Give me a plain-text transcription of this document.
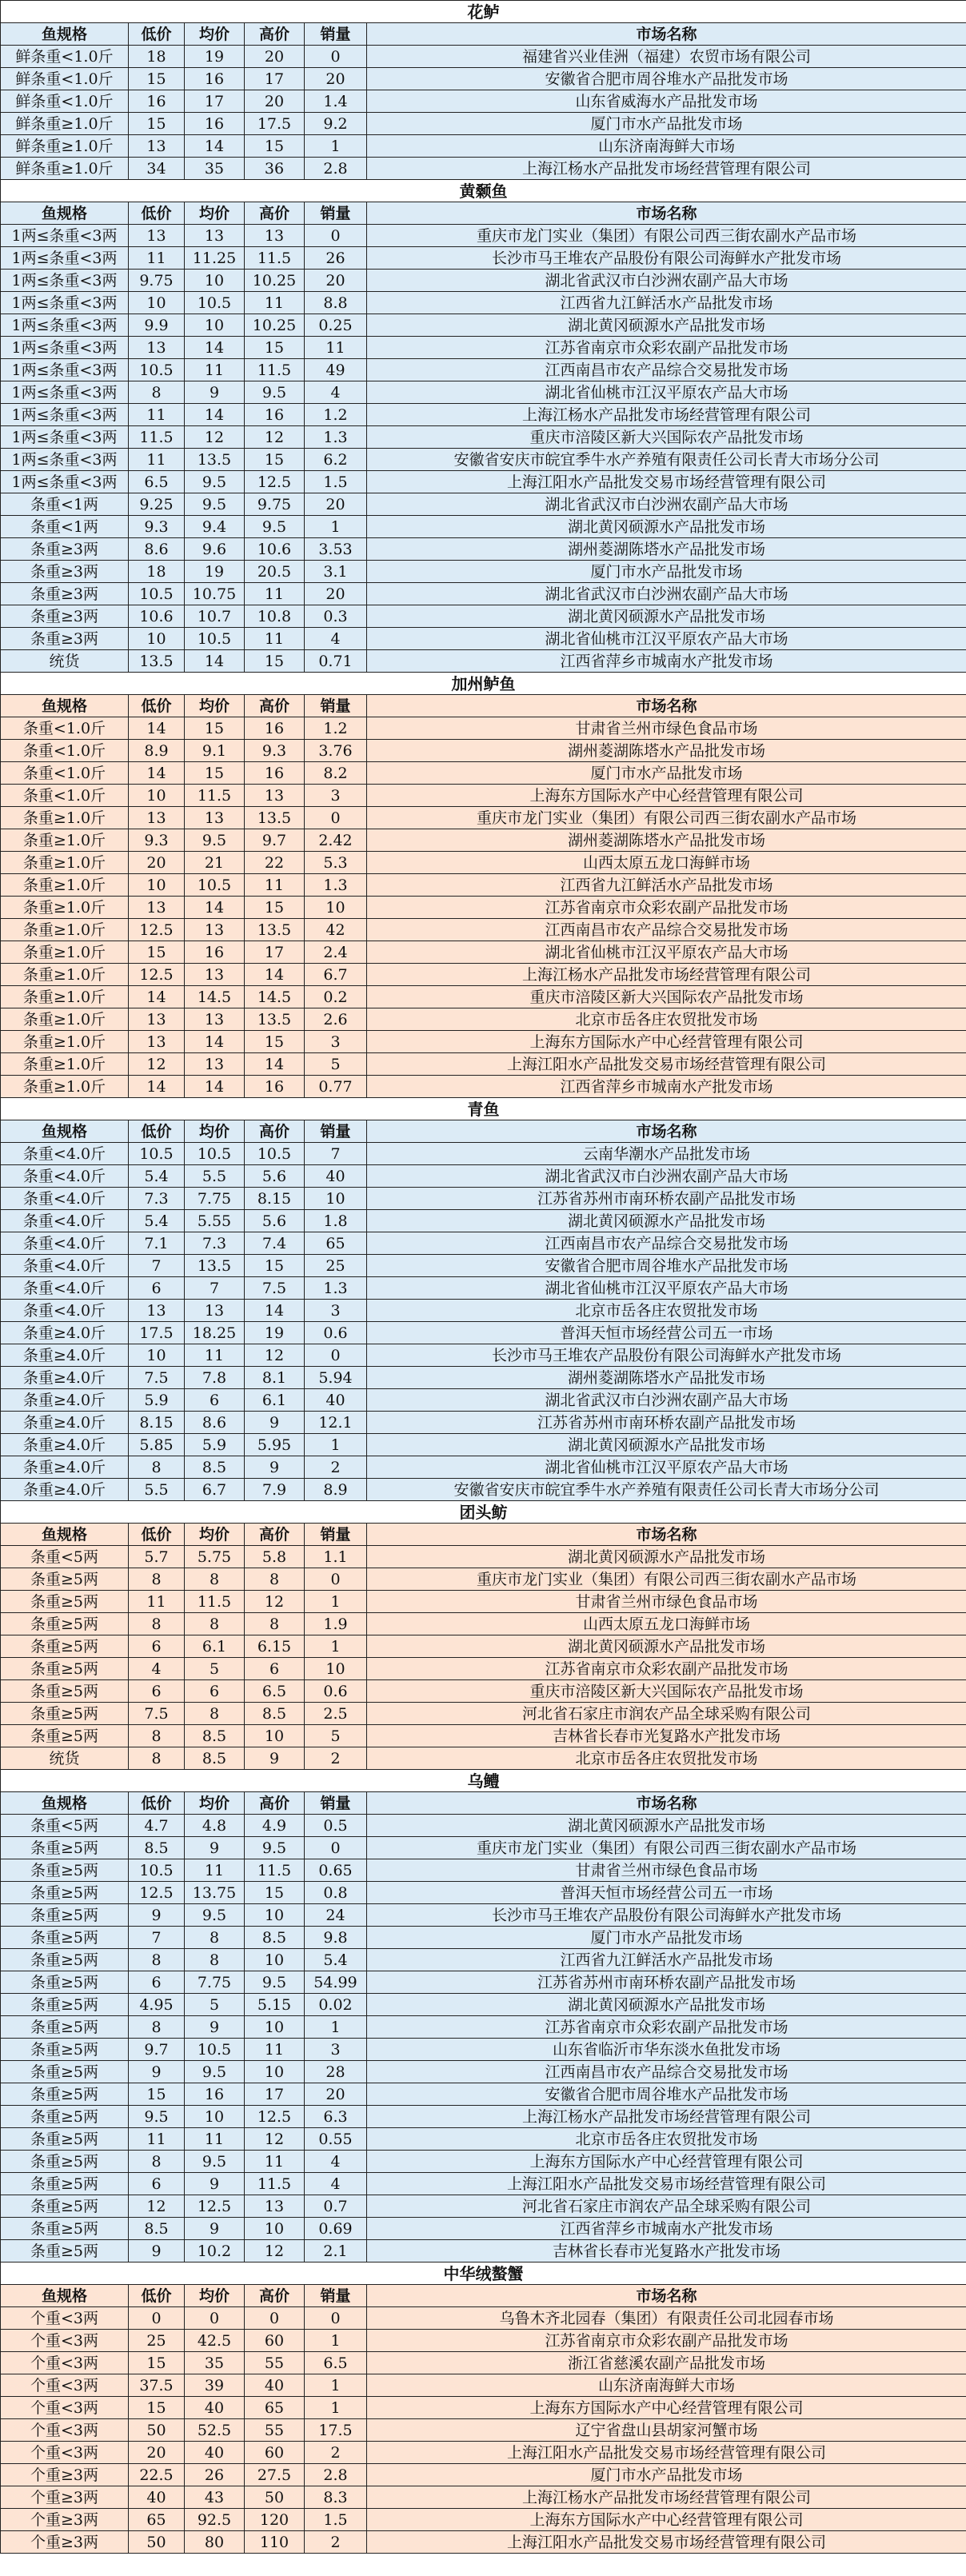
花鲈					
鱼规格	低价	均价	高价	销量	市场名称
鲜条重<1.0斤	18	19	20	0	福建省兴业佳洲（福建）农贸市场有限公司
鲜条重<1.0斤	15	16	17	20	安徽省合肥市周谷堆水产品批发市场
鲜条重<1.0斤	16	17	20	1.4	山东省威海水产品批发市场
鲜条重≥1.0斤	15	16	17.5	9.2	厦门市水产品批发市场
鲜条重≥1.0斤	13	14	15	1	山东济南海鲜大市场
鲜条重≥1.0斤	34	35	36	2.8	上海江杨水产品批发市场经营管理有限公司
黄颡鱼					
鱼规格	低价	均价	高价	销量	市场名称
1两≤条重<3两	13	13	13	0	重庆市龙门实业（集团）有限公司西三街农副水产品市场
1两≤条重<3两	11	11.25	11.5	26	长沙市马王堆农产品股份有限公司海鲜水产批发市场
1两≤条重<3两	9.75	10	10.25	20	湖北省武汉市白沙洲农副产品大市场
1两≤条重<3两	10	10.5	11	8.8	江西省九江鲜活水产品批发市场
1两≤条重<3两	9.9	10	10.25	0.25	湖北黄冈硕源水产品批发市场
1两≤条重<3两	13	14	15	11	江苏省南京市众彩农副产品批发市场
1两≤条重<3两	10.5	11	11.5	49	江西南昌市农产品综合交易批发市场
1两≤条重<3两	8	9	9.5	4	湖北省仙桃市江汉平原农产品大市场
1两≤条重<3两	11	14	16	1.2	上海江杨水产品批发市场经营管理有限公司
1两≤条重<3两	11.5	12	12	1.3	重庆市涪陵区新大兴国际农产品批发市场
1两≤条重<3两	11	13.5	15	6.2	安徽省安庆市皖宜季牛水产养殖有限责任公司长青大市场分公司
1两≤条重<3两	6.5	9.5	12.5	1.5	上海江阳水产品批发交易市场经营管理有限公司
条重<1两	9.25	9.5	9.75	20	湖北省武汉市白沙洲农副产品大市场
条重<1两	9.3	9.4	9.5	1	湖北黄冈硕源水产品批发市场
条重≥3两	8.6	9.6	10.6	3.53	湖州菱湖陈塔水产品批发市场
条重≥3两	18	19	20.5	3.1	厦门市水产品批发市场
条重≥3两	10.5	10.75	11	20	湖北省武汉市白沙洲农副产品大市场
条重≥3两	10.6	10.7	10.8	0.3	湖北黄冈硕源水产品批发市场
条重≥3两	10	10.5	11	4	湖北省仙桃市江汉平原农产品大市场
统货	13.5	14	15	0.71	江西省萍乡市城南水产批发市场
加州鲈鱼					
鱼规格	低价	均价	高价	销量	市场名称
条重<1.0斤	14	15	16	1.2	甘肃省兰州市绿色食品市场
条重<1.0斤	8.9	9.1	9.3	3.76	湖州菱湖陈塔水产品批发市场
条重<1.0斤	14	15	16	8.2	厦门市水产品批发市场
条重<1.0斤	10	11.5	13	3	上海东方国际水产中心经营管理有限公司
条重≥1.0斤	13	13	13.5	0	重庆市龙门实业（集团）有限公司西三街农副水产品市场
条重≥1.0斤	9.3	9.5	9.7	2.42	湖州菱湖陈塔水产品批发市场
条重≥1.0斤	20	21	22	5.3	山西太原五龙口海鲜市场
条重≥1.0斤	10	10.5	11	1.3	江西省九江鲜活水产品批发市场
条重≥1.0斤	13	14	15	10	江苏省南京市众彩农副产品批发市场
条重≥1.0斤	12.5	13	13.5	42	江西南昌市农产品综合交易批发市场
条重≥1.0斤	15	16	17	2.4	湖北省仙桃市江汉平原农产品大市场
条重≥1.0斤	12.5	13	14	6.7	上海江杨水产品批发市场经营管理有限公司
条重≥1.0斤	14	14.5	14.5	0.2	重庆市涪陵区新大兴国际农产品批发市场
条重≥1.0斤	13	13	13.5	2.6	北京市岳各庄农贸批发市场
条重≥1.0斤	13	14	15	3	上海东方国际水产中心经营管理有限公司
条重≥1.0斤	12	13	14	5	上海江阳水产品批发交易市场经营管理有限公司
条重≥1.0斤	14	14	16	0.77	江西省萍乡市城南水产批发市场
青鱼					
鱼规格	低价	均价	高价	销量	市场名称
条重<4.0斤	10.5	10.5	10.5	7	云南华潮水产品批发市场
条重<4.0斤	5.4	5.5	5.6	40	湖北省武汉市白沙洲农副产品大市场
条重<4.0斤	7.3	7.75	8.15	10	江苏省苏州市南环桥农副产品批发市场
条重<4.0斤	5.4	5.55	5.6	1.8	湖北黄冈硕源水产品批发市场
条重<4.0斤	7.1	7.3	7.4	65	江西南昌市农产品综合交易批发市场
条重<4.0斤	7	13.5	15	25	安徽省合肥市周谷堆水产品批发市场
条重<4.0斤	6	7	7.5	1.3	湖北省仙桃市江汉平原农产品大市场
条重<4.0斤	13	13	14	3	北京市岳各庄农贸批发市场
条重≥4.0斤	17.5	18.25	19	0.6	普洱天恒市场经营公司五一市场
条重≥4.0斤	10	11	12	0	长沙市马王堆农产品股份有限公司海鲜水产批发市场
条重≥4.0斤	7.5	7.8	8.1	5.94	湖州菱湖陈塔水产品批发市场
条重≥4.0斤	5.9	6	6.1	40	湖北省武汉市白沙洲农副产品大市场
条重≥4.0斤	8.15	8.6	9	12.1	江苏省苏州市南环桥农副产品批发市场
条重≥4.0斤	5.85	5.9	5.95	1	湖北黄冈硕源水产品批发市场
条重≥4.0斤	8	8.5	9	2	湖北省仙桃市江汉平原农产品大市场
条重≥4.0斤	5.5	6.7	7.9	8.9	安徽省安庆市皖宜季牛水产养殖有限责任公司长青大市场分公司
团头鲂					
鱼规格	低价	均价	高价	销量	市场名称
条重<5两	5.7	5.75	5.8	1.1	湖北黄冈硕源水产品批发市场
条重≥5两	8	8	8	0	重庆市龙门实业（集团）有限公司西三街农副水产品市场
条重≥5两	11	11.5	12	1	甘肃省兰州市绿色食品市场
条重≥5两	8	8	8	1.9	山西太原五龙口海鲜市场
条重≥5两	6	6.1	6.15	1	湖北黄冈硕源水产品批发市场
条重≥5两	4	5	6	10	江苏省南京市众彩农副产品批发市场
条重≥5两	6	6	6.5	0.6	重庆市涪陵区新大兴国际农产品批发市场
条重≥5两	7.5	8	8.5	2.5	河北省石家庄市润农产品全球采购有限公司
条重≥5两	8	8.5	10	5	吉林省长春市光复路水产批发市场
统货	8	8.5	9	2	北京市岳各庄农贸批发市场
乌鳢					
鱼规格	低价	均价	高价	销量	市场名称
条重<5两	4.7	4.8	4.9	0.5	湖北黄冈硕源水产品批发市场
条重≥5两	8.5	9	9.5	0	重庆市龙门实业（集团）有限公司西三街农副水产品市场
条重≥5两	10.5	11	11.5	0.65	甘肃省兰州市绿色食品市场
条重≥5两	12.5	13.75	15	0.8	普洱天恒市场经营公司五一市场
条重≥5两	9	9.5	10	24	长沙市马王堆农产品股份有限公司海鲜水产批发市场
条重≥5两	7	8	8.5	9.8	厦门市水产品批发市场
条重≥5两	8	8	10	5.4	江西省九江鲜活水产品批发市场
条重≥5两	6	7.75	9.5	54.99	江苏省苏州市南环桥农副产品批发市场
条重≥5两	4.95	5	5.15	0.02	湖北黄冈硕源水产品批发市场
条重≥5两	8	9	10	1	江苏省南京市众彩农副产品批发市场
条重≥5两	9.7	10.5	11	3	山东省临沂市华东淡水鱼批发市场
条重≥5两	9	9.5	10	28	江西南昌市农产品综合交易批发市场
条重≥5两	15	16	17	20	安徽省合肥市周谷堆水产品批发市场
条重≥5两	9.5	10	12.5	6.3	上海江杨水产品批发市场经营管理有限公司
条重≥5两	11	11	12	0.55	北京市岳各庄农贸批发市场
条重≥5两	8	9.5	11	4	上海东方国际水产中心经营管理有限公司
条重≥5两	6	9	11.5	4	上海江阳水产品批发交易市场经营管理有限公司
条重≥5两	12	12.5	13	0.7	河北省石家庄市润农产品全球采购有限公司
条重≥5两	8.5	9	10	0.69	江西省萍乡市城南水产批发市场
条重≥5两	9	10.2	12	2.1	吉林省长春市光复路水产批发市场
中华绒螯蟹					
鱼规格	低价	均价	高价	销量	市场名称
个重<3两	0	0	0	0	乌鲁木齐北园春（集团）有限责任公司北园春市场
个重<3两	25	42.5	60	1	江苏省南京市众彩农副产品批发市场
个重<3两	15	35	55	6.5	浙江省慈溪农副产品批发市场
个重<3两	37.5	39	40	1	山东济南海鲜大市场
个重<3两	15	40	65	1	上海东方国际水产中心经营管理有限公司
个重<3两	50	52.5	55	17.5	辽宁省盘山县胡家河蟹市场
个重<3两	20	40	60	2	上海江阳水产品批发交易市场经营管理有限公司
个重≥3两	22.5	26	27.5	2.8	厦门市水产品批发市场
个重≥3两	40	43	50	8.3	上海江杨水产品批发市场经营管理有限公司
个重≥3两	65	92.5	120	1.5	上海东方国际水产中心经营管理有限公司
个重≥3两	50	80	110	2	上海江阳水产品批发交易市场经营管理有限公司
